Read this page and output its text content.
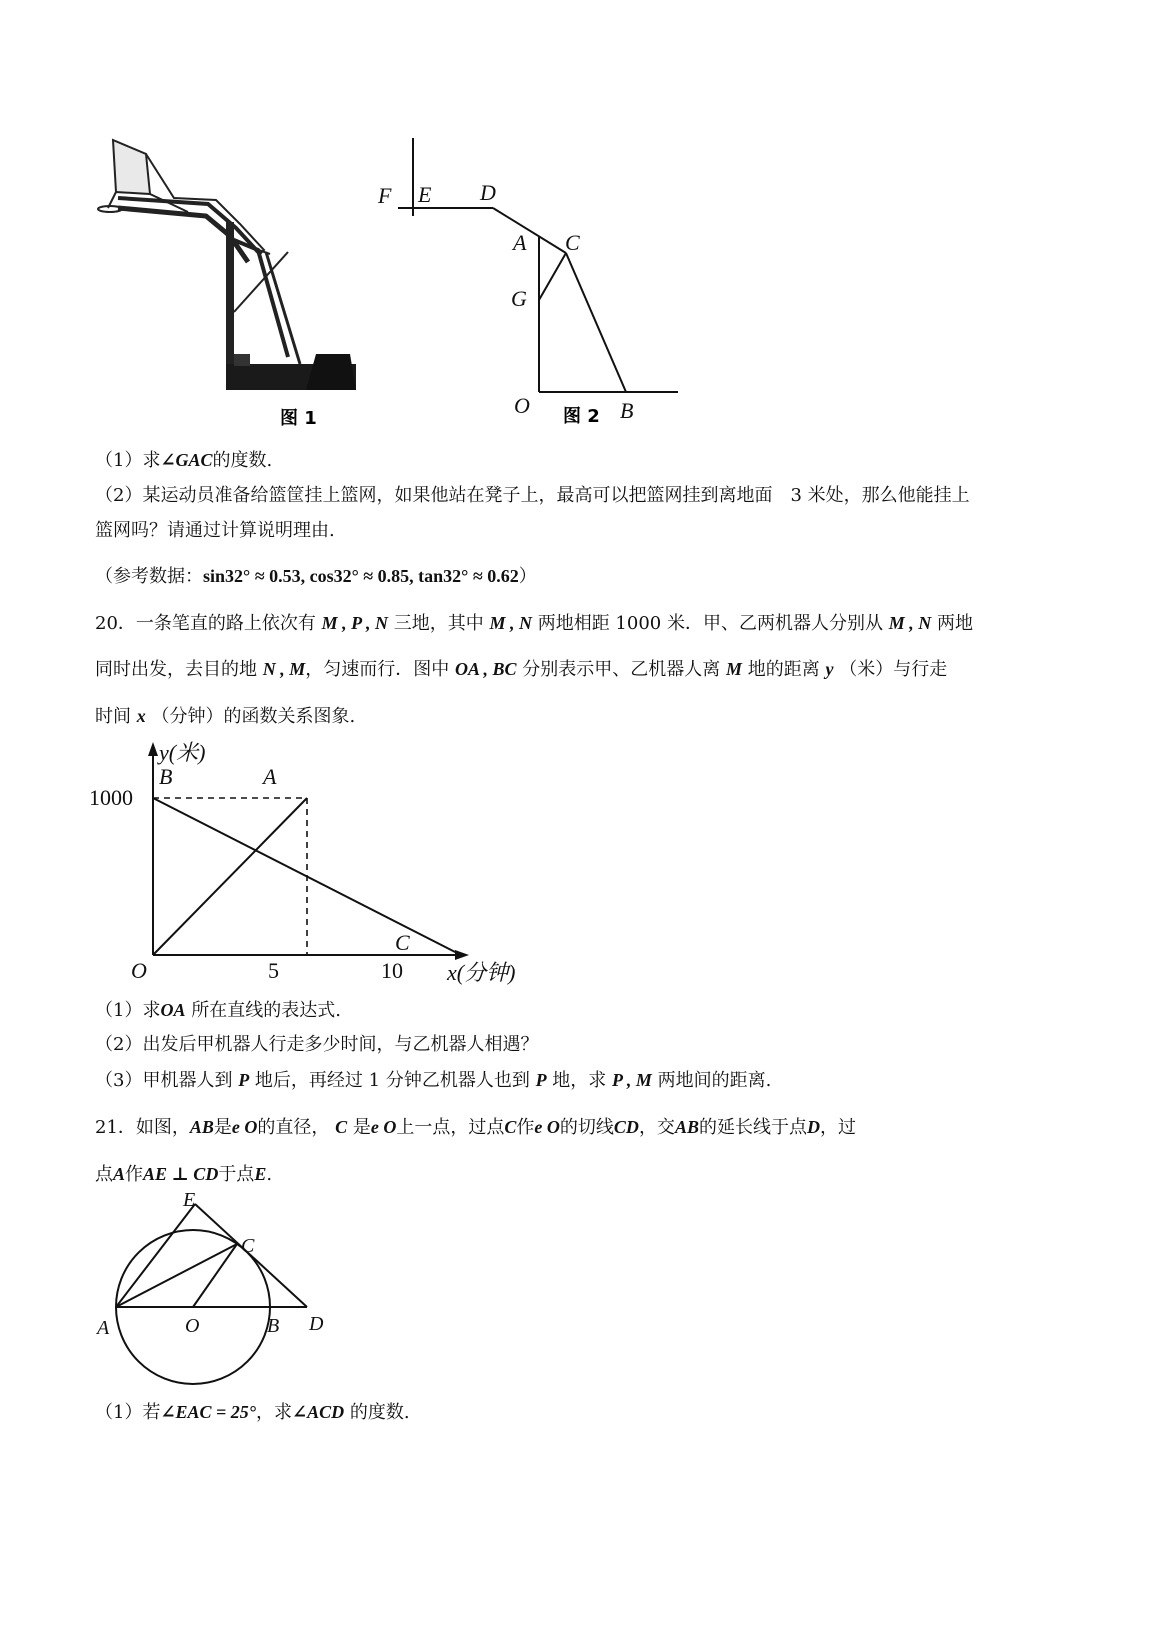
图 1
F E D
A C
G
O	B
图 2
（1）求∠GAC的度数.
（2）某运动员准备给篮筐挂上篮网，如果他站在凳子上，最高可以把篮网挂到离地面　3 米处，那么他能挂上
篮网吗？请通过计算说明理由.
（参考数据：sin32° ≈ 0.53, cos32° ≈ 0.85, tan32° ≈ 0.62）
20．一条笔直的路上依次有 M , P , N 三地，其中 M , N 两地相距 1000 米．甲、乙两机器人分别从 M , N 两地
同时出发，去目的地 N , M，匀速而行．图中 OA , BC 分别表示甲、乙机器人离 M 地的距离 y （米）与行走
时间 x （分钟）的函数关系图象.
y(米)
x(分钟)
O
1000
5	10
B	A
C
（1）求OA 所在直线的表达式.
（2）出发后甲机器人行走多少时间，与乙机器人相遇？
（3）甲机器人到 P 地后，再经过 1 分钟乙机器人也到 P 地，求 P , M 两地间的距离.
21．如图，AB是e O的直径， C 是e O上一点，过点C作e O的切线CD，交AB的延长线于点D，过
点A作AE ⊥ CD于点E.
E
C
A	O	B D
（1）若∠EAC = 25°，求∠ACD 的度数.
